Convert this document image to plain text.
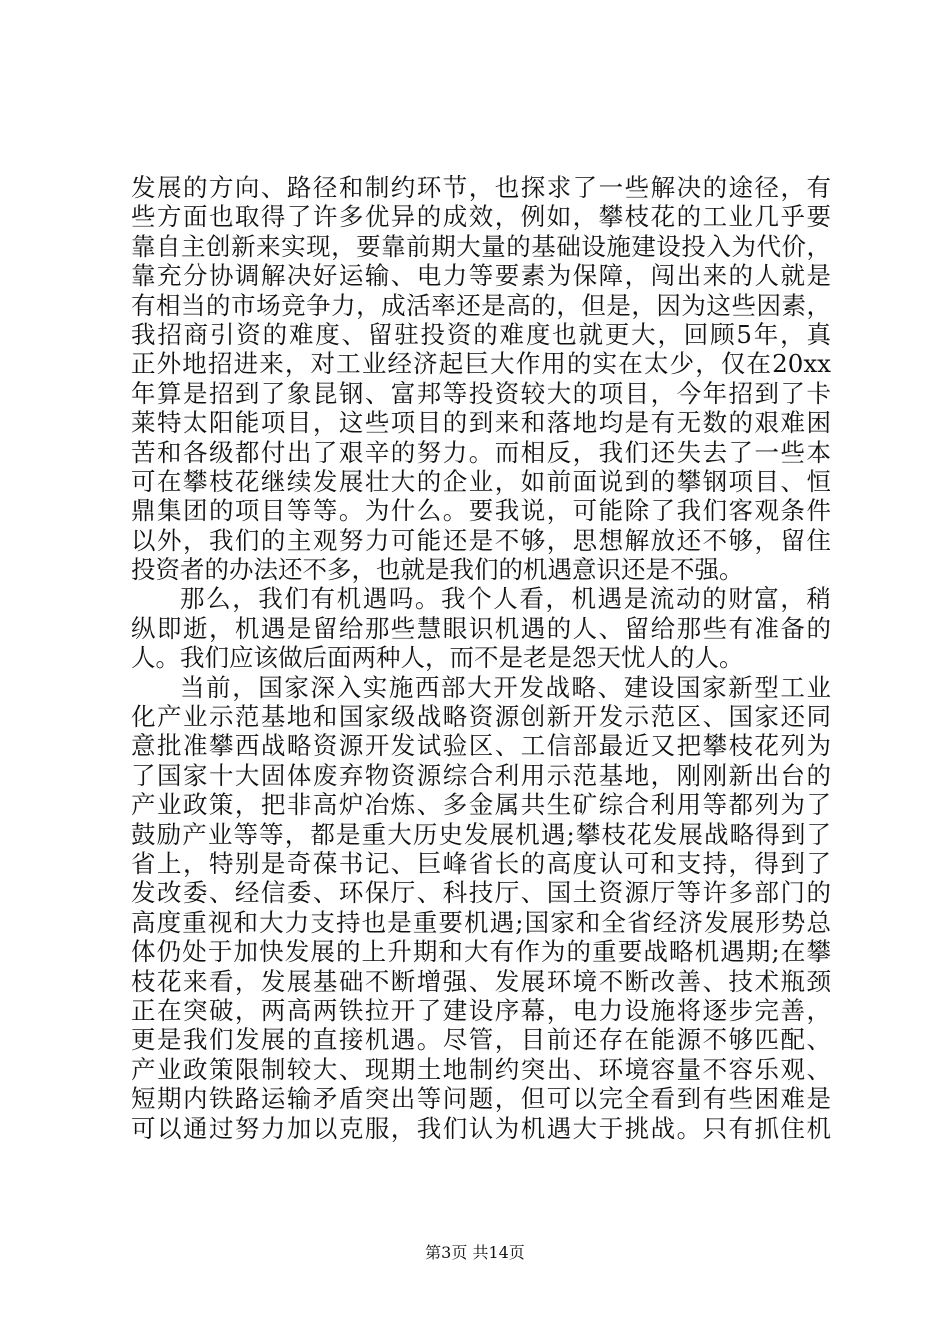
发展的方向、路径和制约环节，也探求了一些解决的途径，有
些方面也取得了许多优异的成效，例如，攀枝花的工业几乎要
靠自主创新来实现，要靠前期大量的基础设施建设投入为代价，
靠充分协调解决好运输、电力等要素为保障，闯出来的人就是
有相当的市场竞争力，成活率还是高的，但是，因为这些因素，
我招商引资的难度、留驻投资的难度也就更大，回顾5年，真
正外地招进来，对工业经济起巨大作用的实在太少，仅在20xx
年算是招到了象昆钢、富邦等投资较大的项目，今年招到了卡
莱特太阳能项目，这些项目的到来和落地均是有无数的艰难困
苦和各级都付出了艰辛的努力。而相反，我们还失去了一些本
可在攀枝花继续发展壮大的企业，如前面说到的攀钢项目、恒
鼎集团的项目等等。为什么。要我说，可能除了我们客观条件
以外，我们的主观努力可能还是不够，思想解放还不够，留住
投资者的办法还不多，也就是我们的机遇意识还是不强。
那么，我们有机遇吗。我个人看，机遇是流动的财富，稍
纵即逝，机遇是留给那些慧眼识机遇的人、留给那些有准备的
人。我们应该做后面两种人，而不是老是怨天忧人的人。
当前，国家深入实施西部大开发战略、建设国家新型工业
化产业示范基地和国家级战略资源创新开发示范区、国家还同
意批准攀西战略资源开发试验区、工信部最近又把攀枝花列为
了国家十大固体废弃物资源综合利用示范基地，刚刚新出台的
产业政策，把非高炉冶炼、多金属共生矿综合利用等都列为了
鼓励产业等等，都是重大历史发展机遇;攀枝花发展战略得到了
省上，特别是奇葆书记、巨峰省长的高度认可和支持，得到了
发改委、经信委、环保厅、科技厅、国土资源厅等许多部门的
高度重视和大力支持也是重要机遇;国家和全省经济发展形势总
体仍处于加快发展的上升期和大有作为的重要战略机遇期;在攀
枝花来看，发展基础不断增强、发展环境不断改善、技术瓶颈
正在突破，两高两铁拉开了建设序幕，电力设施将逐步完善，
更是我们发展的直接机遇。尽管，目前还存在能源不够匹配、
产业政策限制较大、现期土地制约突出、环境容量不容乐观、
短期内铁路运输矛盾突出等问题，但可以完全看到有些困难是
可以通过努力加以克服，我们认为机遇大于挑战。只有抓住机
第3页 共14页
